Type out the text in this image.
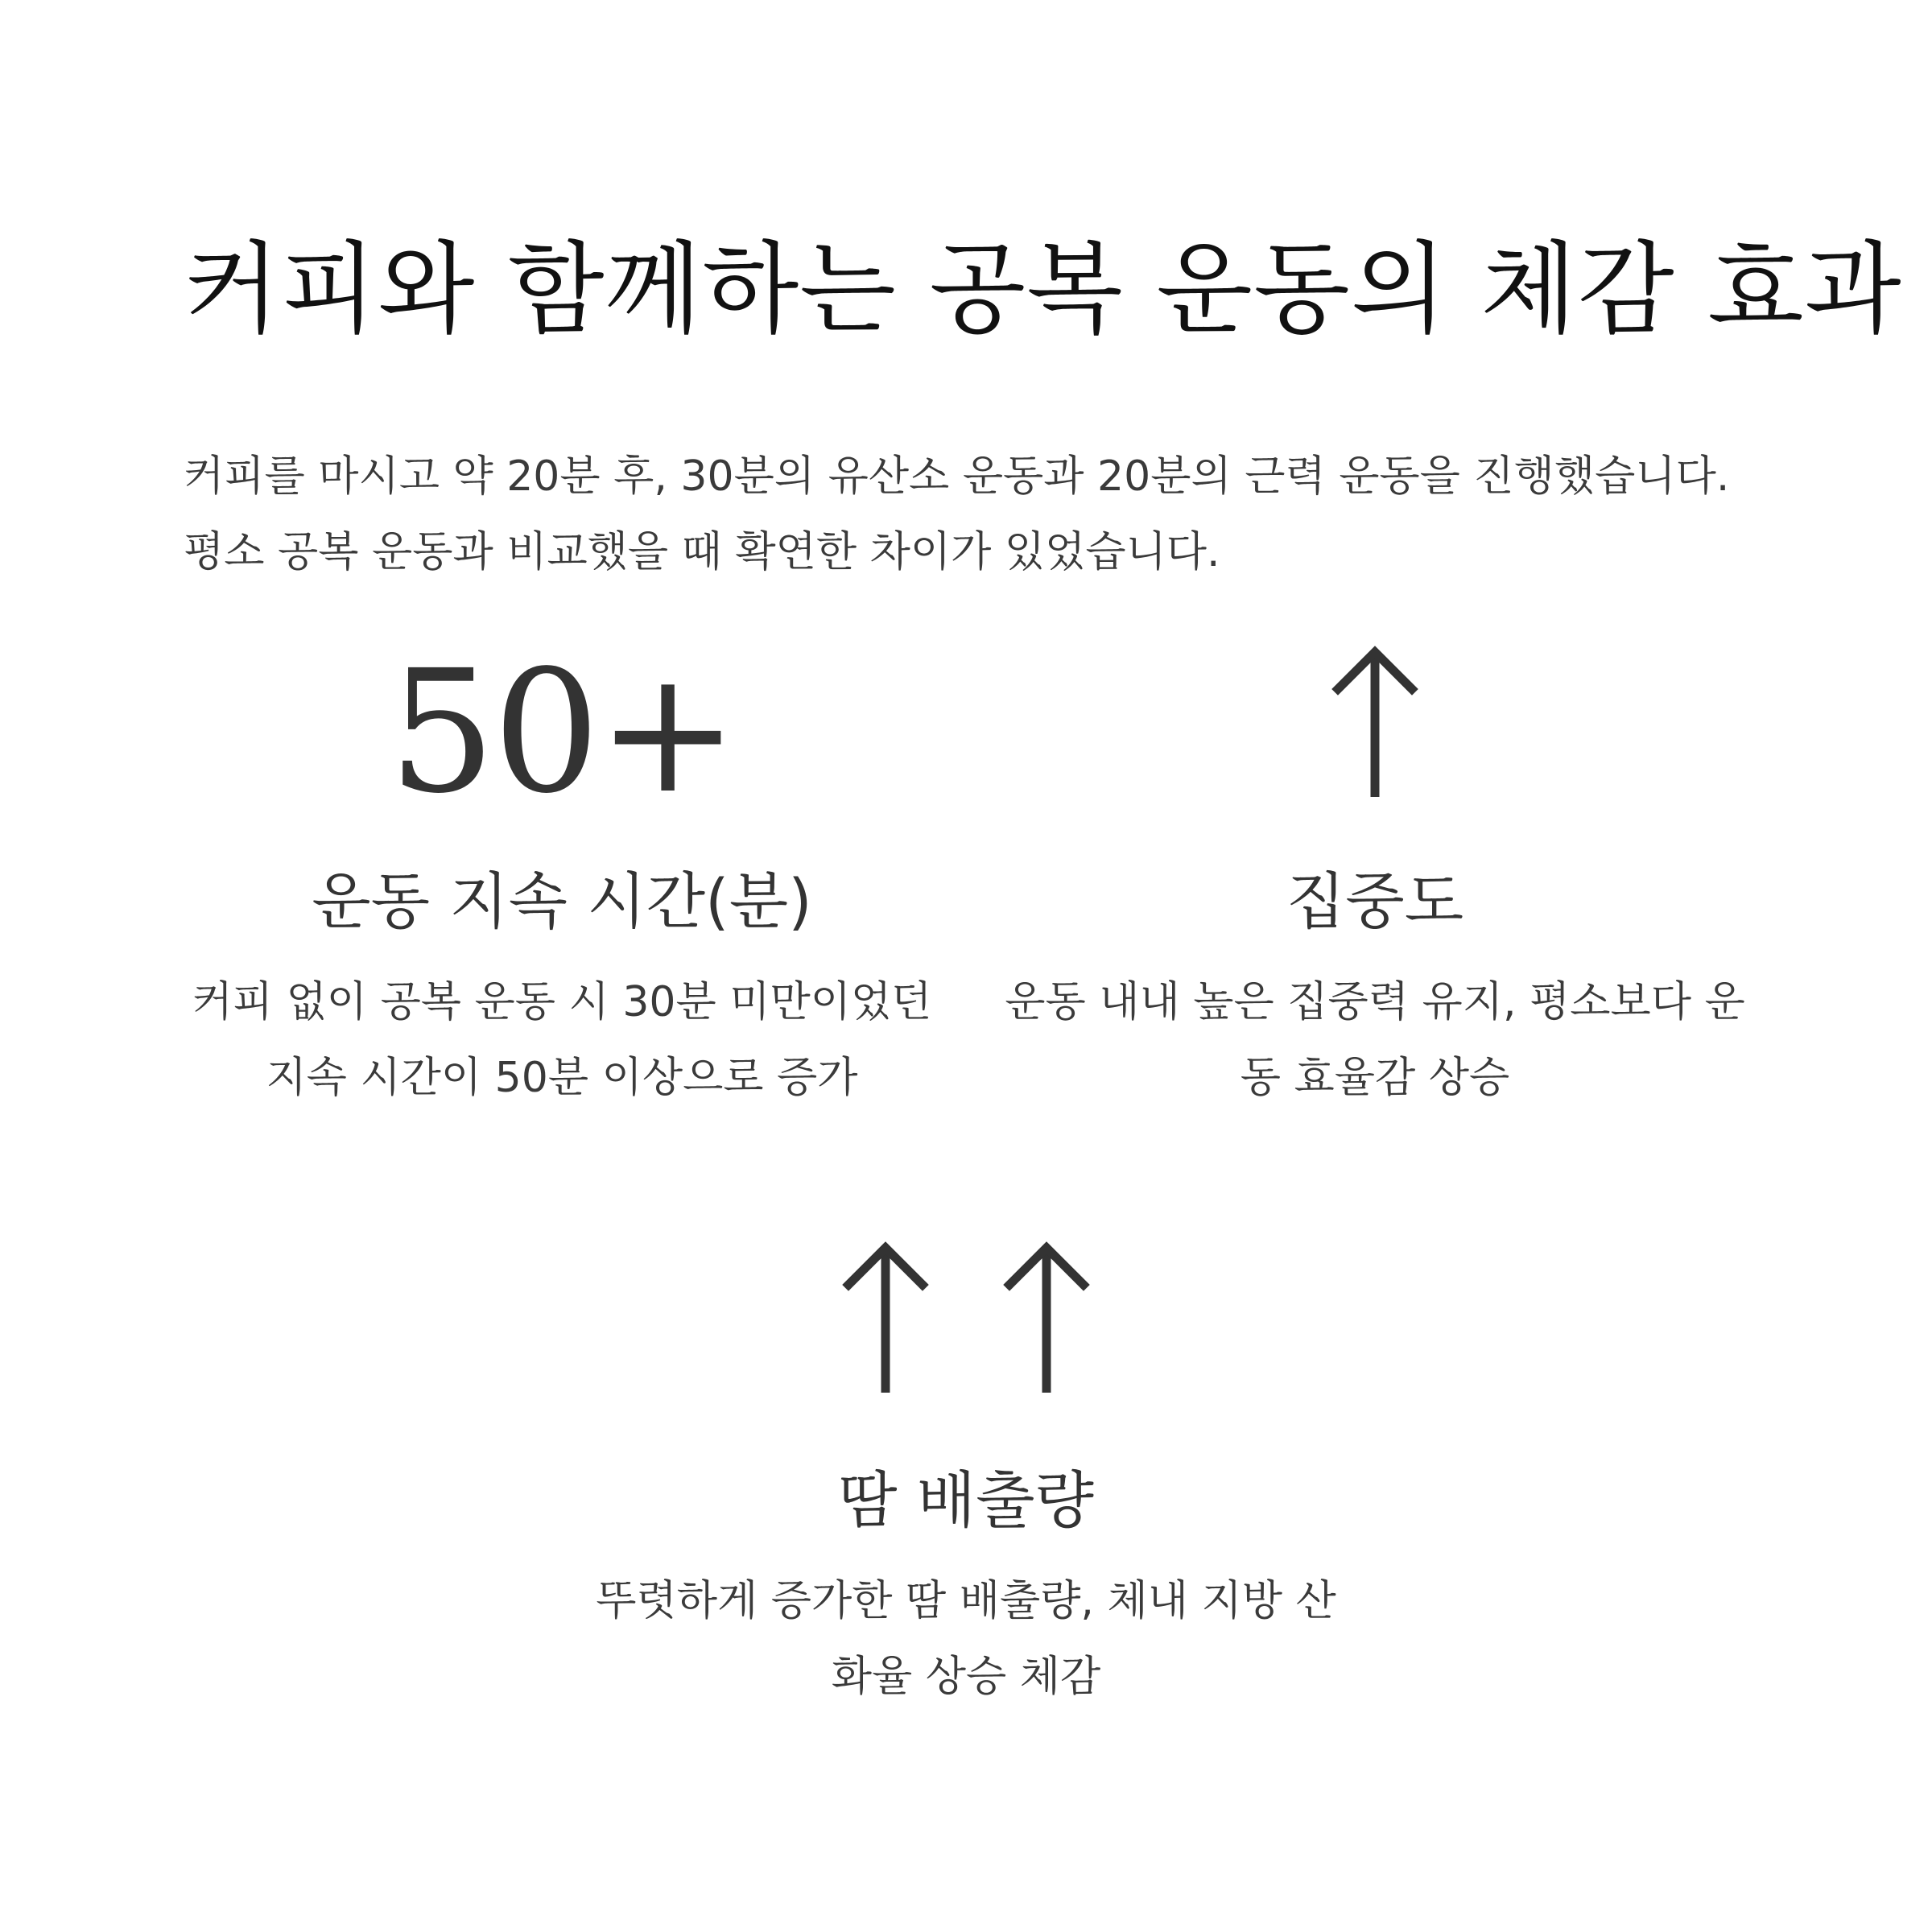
커피와 함께하는 공복 운동의 체감 효과

커피를 마시고 약 20분 후, 30분의 유산소 운동과 20분의 근력 운동을 진행했습니다. 평소 공복 운동과 비교했을 때 확연한 차이가 있었습니다.

50+
운동 지속 시간(분)
커피 없이 공복 운동 시 30분 미만이었던 지속 시간이 50분 이상으로 증가
집중도
운동 내내 높은 집중력 유지, 평소보다 운동 효율감 상승
땀 배출량
뚜렷하게 증가한 땀 배출량, 체내 지방 산화율 상승 체감
